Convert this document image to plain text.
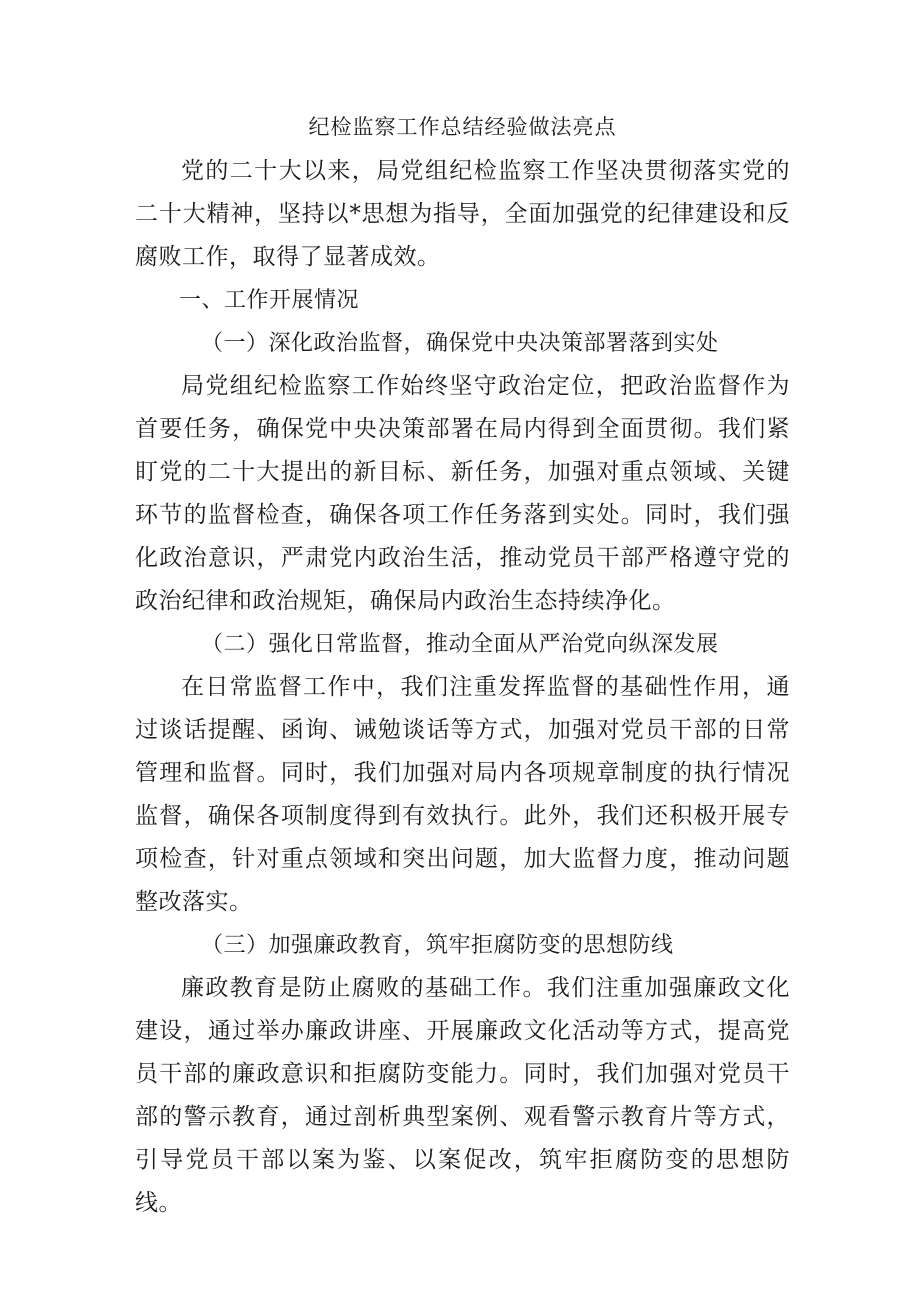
纪检监察工作总结经验做法亮点

党的二十大以来，局党组纪检监察工作坚决贯彻落实党的二十大精神，坚持以*思想为指导，全面加强党的纪律建设和反腐败工作，取得了显著成效。

一、工作开展情况

（一）深化政治监督，确保党中央决策部署落到实处

局党组纪检监察工作始终坚守政治定位，把政治监督作为首要任务，确保党中央决策部署在局内得到全面贯彻。我们紧盯党的二十大提出的新目标、新任务，加强对重点领域、关键环节的监督检查，确保各项工作任务落到实处。同时，我们强化政治意识，严肃党内政治生活，推动党员干部严格遵守党的政治纪律和政治规矩，确保局内政治生态持续净化。

（二）强化日常监督，推动全面从严治党向纵深发展

在日常监督工作中，我们注重发挥监督的基础性作用，通过谈话提醒、函询、诫勉谈话等方式，加强对党员干部的日常管理和监督。同时，我们加强对局内各项规章制度的执行情况监督，确保各项制度得到有效执行。此外，我们还积极开展专项检查，针对重点领域和突出问题，加大监督力度，推动问题整改落实。

（三）加强廉政教育，筑牢拒腐防变的思想防线

廉政教育是防止腐败的基础工作。我们注重加强廉政文化建设，通过举办廉政讲座、开展廉政文化活动等方式，提高党员干部的廉政意识和拒腐防变能力。同时，我们加强对党员干部的警示教育，通过剖析典型案例、观看警示教育片等方式，引导党员干部以案为鉴、以案促改，筑牢拒腐防变的思想防线。
